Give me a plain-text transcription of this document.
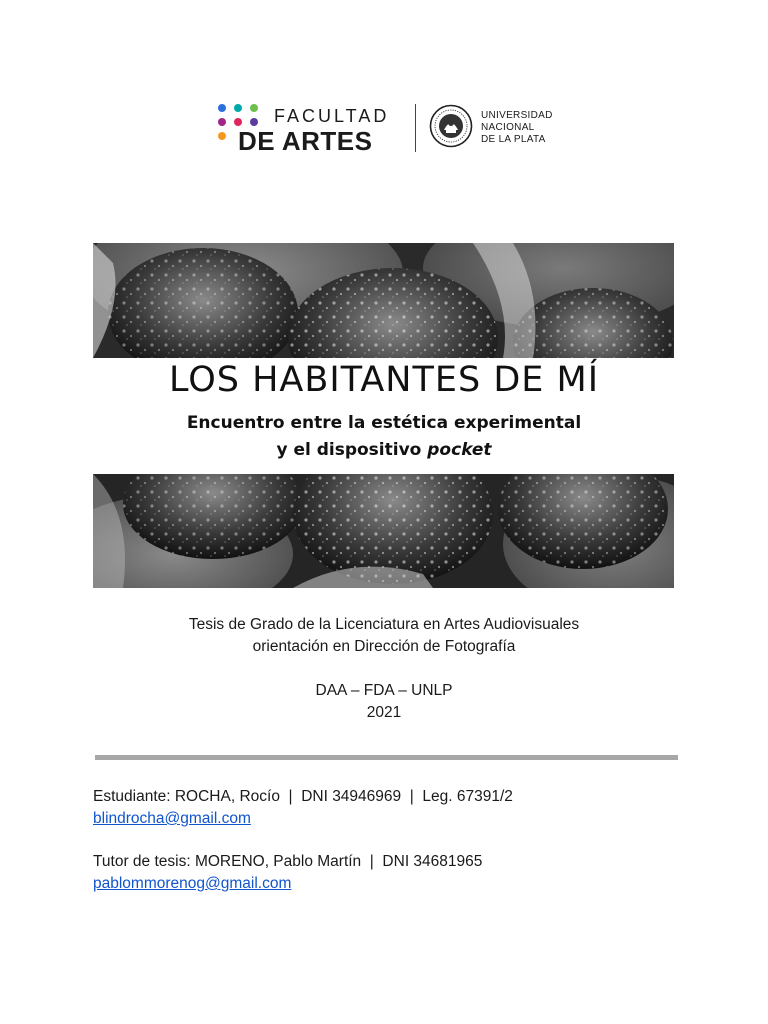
FACULTAD
DE ARTES
UNIVERSIDAD
NACIONAL
DE LA PLATA
LOS HABITANTES DE MÍ
Encuentro entre la estética experimental
y el dispositivo pocket
Tesis de Grado de la Licenciatura en Artes Audiovisuales
orientación en Dirección de Fotografía
DAA – FDA – UNLP
2021
Estudiante: ROCHA, Rocío  |  DNI 34946969  |  Leg. 67391/2
blindrocha@gmail.com
Tutor de tesis: MORENO, Pablo Martín  |  DNI 34681965
pablommorenog@gmail.com
